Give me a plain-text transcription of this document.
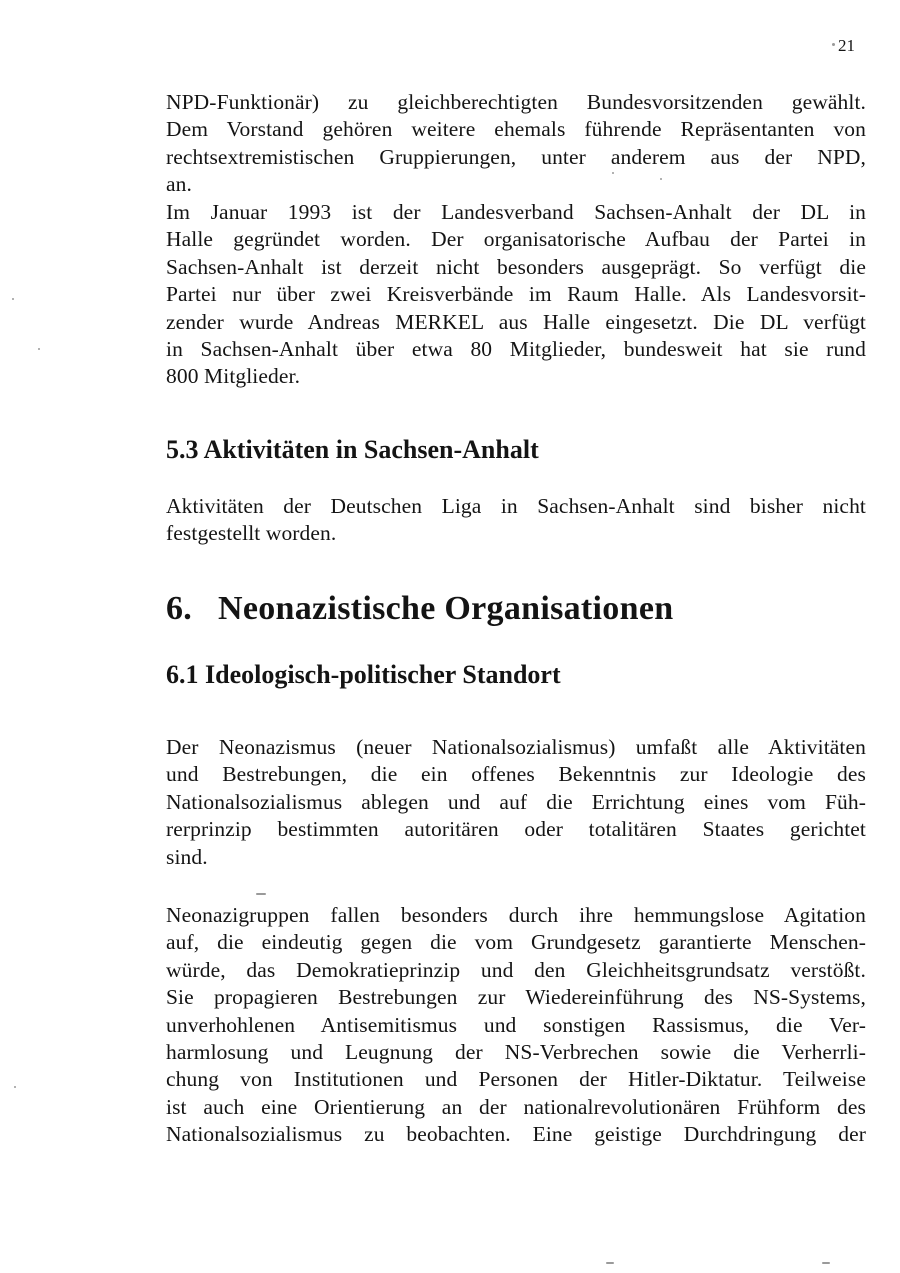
21
NPD-Funktionär) zu gleichberechtigten Bundesvorsitzenden gewählt.
Dem Vorstand gehören weitere ehemals führende Repräsentanten von
rechtsextremistischen Gruppierungen, unter anderem aus der NPD,
an.
Im Januar 1993 ist der Landesverband Sachsen-Anhalt der DL in
Halle gegründet worden. Der organisatorische Aufbau der Partei in
Sachsen-Anhalt ist derzeit nicht besonders ausgeprägt. So verfügt die
Partei nur über zwei Kreisverbände im Raum Halle. Als Landesvorsit-
zender wurde Andreas MERKEL aus Halle eingesetzt. Die DL verfügt
in Sachsen-Anhalt über etwa 80 Mitglieder, bundesweit hat sie rund
800 Mitglieder.
5.3 Aktivitäten in Sachsen-Anhalt
Aktivitäten der Deutschen Liga in Sachsen-Anhalt sind bisher nicht
festgestellt worden.
6. Neonazistische Organisationen
6.1 Ideologisch-politischer Standort
Der Neonazismus (neuer Nationalsozialismus) umfaßt alle Aktivitäten
und Bestrebungen, die ein offenes Bekenntnis zur Ideologie des
Nationalsozialismus ablegen und auf die Errichtung eines vom Füh-
rerprinzip bestimmten autoritären oder totalitären Staates gerichtet
sind.
Neonazigruppen fallen besonders durch ihre hemmungslose Agitation
auf, die eindeutig gegen die vom Grundgesetz garantierte Menschen-
würde, das Demokratieprinzip und den Gleichheitsgrundsatz verstößt.
Sie propagieren Bestrebungen zur Wiedereinführung des NS-Systems,
unverhohlenen Antisemitismus und sonstigen Rassismus, die Ver-
harmlosung und Leugnung der NS-Verbrechen sowie die Verherrli-
chung von Institutionen und Personen der Hitler-Diktatur. Teilweise
ist auch eine Orientierung an der nationalrevolutionären Frühform des
Nationalsozialismus zu beobachten. Eine geistige Durchdringung der
